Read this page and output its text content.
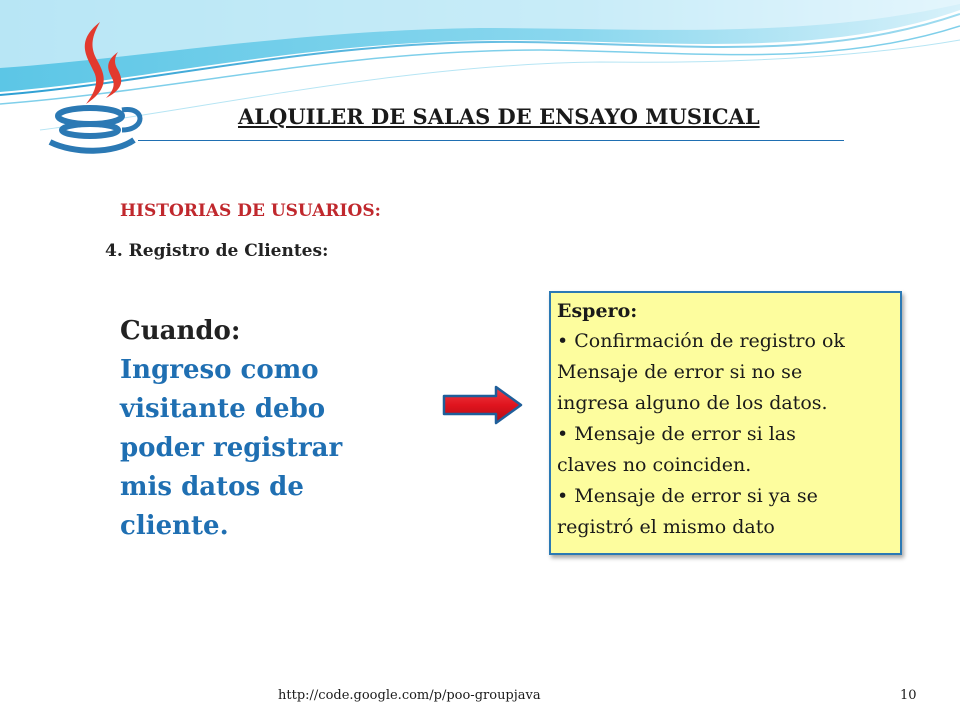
ALQUILER DE SALAS DE ENSAYO MUSICAL
HISTORIAS DE USUARIOS:
4. Registro de Clientes:
Cuando:
Ingreso como
visitante debo
poder registrar
mis datos de
cliente.
Espero:
• Confirmación de registro ok
Mensaje de error si no se
ingresa alguno de los datos.
• Mensaje de error si las
claves no coinciden.
• Mensaje de error si ya se
registró el mismo dato
http://code.google.com/p/poo-groupjava	10
